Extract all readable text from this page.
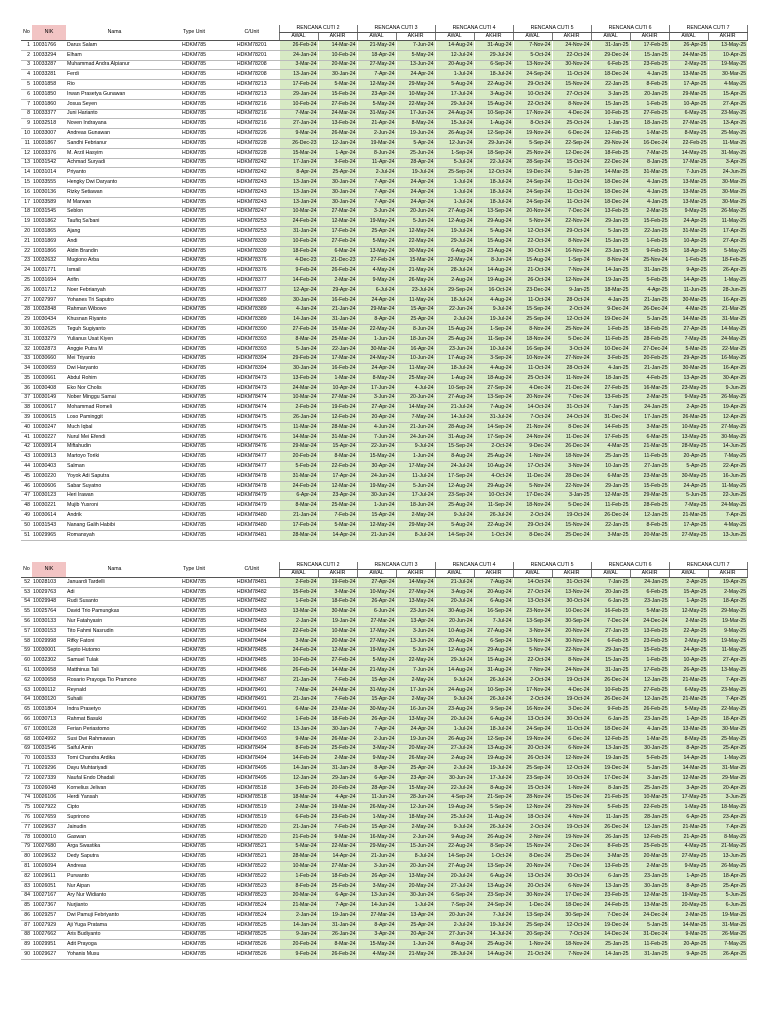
No	NIK	Nama	Type Unit	C/Unit	RENCANA CUTI 2		RENCANA CUTI 3		RENCANA CUTI 4		RENCANA CUTI 5		RENCANA CUTI 6		RENCANA CUTI 7	
					AWAL	AKHIR	AWAL	AKHIR	AWAL	AKHIR	AWAL	AKHIR	AWAL	AKHIR	AWAL	AKHIR
1	10031766	Darus Salam	HDKM785	HDKM78201	26-Feb-24	14-Mar-24	21-May-24	7-Jun-24	14-Aug-24	31-Aug-24	7-Nov-24	24-Nov-24	31-Jan-25	17-Feb-25	26-Apr-25	13-May-25
2	10033294	Elham	HDKM785	HDKM78201	24-Jan-24	10-Feb-24	18-Apr-24	5-May-24	12-Jul-24	29-Jul-24	5-Oct-24	22-Oct-24	29-Dec-24	15-Jan-25	24-Mar-25	10-Apr-25
3	10033287	Muhammad Andra Alpianur	HDKM785	HDKM78208	3-Mar-24	20-Mar-24	27-May-24	13-Jun-24	20-Aug-24	6-Sep-24	13-Nov-24	30-Nov-24	6-Feb-25	23-Feb-25	2-May-25	19-May-25
4	10033281	Ferdi	HDKM785	HDKM78208	13-Jan-24	30-Jan-24	7-Apr-24	24-Apr-24	1-Jul-24	18-Jul-24	24-Sep-24	11-Oct-24	18-Dec-24	4-Jan-25	13-Mar-25	30-Mar-25
5	10031858	Rio	HDKM785	HDKM78213	17-Feb-24	5-Mar-24	12-May-24	29-May-24	5-Aug-24	22-Aug-24	29-Oct-24	15-Nov-24	22-Jan-25	8-Feb-25	17-Apr-25	4-May-25
6	10031850	Irwan Prasetya Gunawan	HDKM785	HDKM78213	29-Jan-24	15-Feb-24	23-Apr-24	10-May-24	17-Jul-24	3-Aug-24	10-Oct-24	27-Oct-24	3-Jan-25	20-Jan-25	29-Mar-25	15-Apr-25
7	10031860	Josua Seyen	HDKM785	HDKM78216	10-Feb-24	27-Feb-24	5-May-24	22-May-24	29-Jul-24	15-Aug-24	22-Oct-24	8-Nov-24	15-Jan-25	1-Feb-25	10-Apr-25	27-Apr-25
8	10033377	Juni Harianto	HDKM785	HDKM78216	7-Mar-24	24-Mar-24	31-May-24	17-Jun-24	24-Aug-24	10-Sep-24	17-Nov-24	4-Dec-24	10-Feb-25	27-Feb-25	6-May-25	23-May-25
9	10032518	Noven Indrayana	HDKM785	HDKM78216	27-Jan-24	13-Feb-24	21-Apr-24	8-May-24	15-Jul-24	1-Aug-24	8-Oct-24	25-Oct-24	1-Jan-25	18-Jan-25	27-Mar-25	13-Apr-25
10	10033007	Andreas Gunawan	HDKM785	HDKM78226	9-Mar-24	26-Mar-24	2-Jun-24	19-Jun-24	26-Aug-24	12-Sep-24	19-Nov-24	6-Dec-24	12-Feb-25	1-Mar-25	8-May-25	25-May-25
11	10031867	Sandhi Febrianur	HDKM785	HDKM78228	26-Dec-23	12-Jan-24	19-Mar-24	5-Apr-24	12-Jun-24	29-Jun-24	5-Sep-24	22-Sep-24	29-Nov-24	16-Dec-24	22-Feb-25	11-Mar-25
12	10033376	M. Arzil Hasyim	HDKM785	HDKM78228	15-Mar-24	1-Apr-24	8-Jun-24	25-Jun-24	1-Sep-24	18-Sep-24	25-Nov-24	12-Dec-24	18-Feb-25	7-Mar-25	14-May-25	31-May-25
13	10031542	Achmad Suryadi	HDKM785	HDKM78242	17-Jan-24	3-Feb-24	11-Apr-24	28-Apr-24	5-Jul-24	22-Jul-24	28-Sep-24	15-Oct-24	22-Dec-24	8-Jan-25	17-Mar-25	3-Apr-25
14	10031014	Priyanto	HDKM785	HDKM78242	8-Apr-24	25-Apr-24	2-Jul-24	19-Jul-24	25-Sep-24	12-Oct-24	19-Dec-24	5-Jan-25	14-Mar-25	31-Mar-25	7-Jun-25	24-Jun-25
15	10033555	Hengky Dwi Daryanto	HDKM785	HDKM78243	13-Jan-24	30-Jan-24	7-Apr-24	24-Apr-24	1-Jul-24	18-Jul-24	24-Sep-24	11-Oct-24	18-Dec-24	4-Jan-25	13-Mar-25	30-Mar-25
16	10030136	Rizky Setiawan	HDKM785	HDKM78243	13-Jan-24	30-Jan-24	7-Apr-24	24-Apr-24	1-Jul-24	18-Jul-24	24-Sep-24	11-Oct-24	18-Dec-24	4-Jan-25	13-Mar-25	30-Mar-25
17	10033589	M Marwan	HDKM785	HDKM78243	13-Jan-24	30-Jan-24	7-Apr-24	24-Apr-24	1-Jul-24	18-Jul-24	24-Sep-24	11-Oct-24	18-Dec-24	4-Jan-25	13-Mar-25	30-Mar-25
18	10031545	Seblon	HDKM785	HDKM78247	10-Mar-24	27-Mar-24	3-Jun-24	20-Jun-24	27-Aug-24	13-Sep-24	20-Nov-24	7-Dec-24	13-Feb-25	2-Mar-25	9-May-25	26-May-25
19	10031862	Taufiq Sa'bani	HDKM785	HDKM78253	24-Feb-24	12-Mar-24	19-May-24	5-Jun-24	12-Aug-24	29-Aug-24	5-Nov-24	22-Nov-24	29-Jan-25	15-Feb-25	24-Apr-25	11-May-25
20	10031865	Ajang	HDKM785	HDKM78253	31-Jan-24	17-Feb-24	25-Apr-24	12-May-24	19-Jul-24	5-Aug-24	12-Oct-24	29-Oct-24	5-Jan-25	22-Jan-25	31-Mar-25	17-Apr-25
21	10031869	Andi	HDKM785	HDKM78339	10-Feb-24	27-Feb-24	5-May-24	22-May-24	29-Jul-24	15-Aug-24	22-Oct-24	8-Nov-24	15-Jan-25	1-Feb-25	10-Apr-25	27-Apr-25
22	10031866	Aldin Brandin	HDKM785	HDKM78339	18-Feb-24	6-Mar-24	13-May-24	30-May-24	6-Aug-24	23-Aug-24	30-Oct-24	16-Nov-24	23-Jan-25	9-Feb-25	18-Apr-25	5-May-25
23	10032632	Mugiono Arba	HDKM785	HDKM78376	4-Dec-23	21-Dec-23	27-Feb-24	15-Mar-24	22-May-24	8-Jun-24	15-Aug-24	1-Sep-24	8-Nov-24	25-Nov-24	1-Feb-25	18-Feb-25
24	10031771	Ismail	HDKM785	HDKM78376	9-Feb-24	26-Feb-24	4-May-24	21-May-24	28-Jul-24	14-Aug-24	21-Oct-24	7-Nov-24	14-Jan-25	31-Jan-25	9-Apr-25	26-Apr-25
25	10031694	Arifin	HDKM785	HDKM78377	14-Feb-24	2-Mar-24	9-May-24	26-May-24	2-Aug-24	19-Aug-24	26-Oct-24	12-Nov-24	19-Jan-25	5-Feb-25	14-Apr-25	1-May-25
26	10031712	Noer Febrianyah	HDKM785	HDKM78377	12-Apr-24	29-Apr-24	6-Jul-24	23-Jul-24	29-Sep-24	16-Oct-24	23-Dec-24	9-Jan-25	18-Mar-25	4-Apr-25	11-Jun-25	28-Jun-25
27	10027997	Yohanes Tri Saputro	HDKM785	HDKM78389	30-Jan-24	16-Feb-24	24-Apr-24	11-May-24	18-Jul-24	4-Aug-24	11-Oct-24	28-Oct-24	4-Jan-25	21-Jan-25	30-Mar-25	16-Apr-25
28	10032848	Rahman Wibowo	HDKM785	HDKM78389	4-Jan-24	21-Jan-24	29-Mar-24	15-Apr-24	22-Jun-24	9-Jul-24	15-Sep-24	2-Oct-24	9-Dec-24	26-Dec-24	4-Mar-25	21-Mar-25
29	10030434	Khusnan Riyanto	HDKM785	HDKM78389	14-Jan-24	31-Jan-24	8-Apr-24	25-Apr-24	2-Jul-24	19-Jul-24	25-Sep-24	12-Oct-24	19-Dec-24	5-Jan-25	14-Mar-25	31-Mar-25
30	10032625	Teguh Sugiyanto	HDKM785	HDKM78390	27-Feb-24	15-Mar-24	22-May-24	8-Jun-24	15-Aug-24	1-Sep-24	8-Nov-24	25-Nov-24	1-Feb-25	18-Feb-25	27-Apr-25	14-May-25
31	10033279	Yulianus Usat Kiyen	HDKM785	HDKM78393	8-Mar-24	25-Mar-24	1-Jun-24	18-Jun-24	25-Aug-24	11-Sep-24	18-Nov-24	5-Dec-24	11-Feb-25	28-Feb-25	7-May-25	24-May-25
32	10032873	Anggie Putra M	HDKM785	HDKM78393	5-Jan-24	22-Jan-24	30-Mar-24	16-Apr-24	23-Jun-24	10-Jul-24	16-Sep-24	3-Oct-24	10-Dec-24	27-Dec-24	5-Mar-25	22-Mar-25
33	10030660	Mei Triyanto	HDKM785	HDKM78394	29-Feb-24	17-Mar-24	24-May-24	10-Jun-24	17-Aug-24	3-Sep-24	10-Nov-24	27-Nov-24	3-Feb-25	20-Feb-25	29-Apr-25	16-May-25
34	10030659	Dwi Haryanto	HDKM785	HDKM78394	30-Jan-24	16-Feb-24	24-Apr-24	11-May-24	18-Jul-24	4-Aug-24	11-Oct-24	28-Oct-24	4-Jan-25	21-Jan-25	30-Mar-25	16-Apr-25
35	10030661	Abdul Rohim	HDKM785	HDKM78473	13-Feb-24	1-Mar-24	8-May-24	25-May-24	1-Aug-24	18-Aug-24	25-Oct-24	11-Nov-24	18-Jan-25	4-Feb-25	13-Apr-25	30-Apr-25
36	10030408	Eko Nor Cholis	HDKM785	HDKM78473	24-Mar-24	10-Apr-24	17-Jun-24	4-Jul-24	10-Sep-24	27-Sep-24	4-Dec-24	21-Dec-24	27-Feb-25	16-Mar-25	23-May-25	9-Jun-25
37	10030149	Nober Minggu Samai	HDKM785	HDKM78474	10-Mar-24	27-Mar-24	3-Jun-24	20-Jun-24	27-Aug-24	13-Sep-24	20-Nov-24	7-Dec-24	13-Feb-25	2-Mar-25	9-May-25	26-May-25
38	10030617	Mohammad Romeli	HDKM785	HDKM78474	2-Feb-24	19-Feb-24	27-Apr-24	14-May-24	21-Jul-24	7-Aug-24	14-Oct-24	31-Oct-24	7-Jan-25	24-Jan-25	2-Apr-25	19-Apr-25
39	10030615	Loso Paminggit	HDKM785	HDKM78475	26-Jan-24	12-Feb-24	20-Apr-24	7-May-24	14-Jul-24	31-Jul-24	7-Oct-24	24-Oct-24	31-Dec-24	17-Jan-25	26-Mar-25	12-Apr-25
40	10030247	Much Iqbal	HDKM785	HDKM78475	11-Mar-24	28-Mar-24	4-Jun-24	21-Jun-24	28-Aug-24	14-Sep-24	21-Nov-24	8-Dec-24	14-Feb-25	3-Mar-25	10-May-25	27-May-25
41	10030227	Nurul Mei Efendi	HDKM785	HDKM78476	14-Mar-24	31-Mar-24	7-Jun-24	24-Jun-24	31-Aug-24	17-Sep-24	24-Nov-24	11-Dec-24	17-Feb-25	6-Mar-25	13-May-25	30-May-25
42	10030914	Miftahudin	HDKM785	HDKM78476	29-Mar-24	15-Apr-24	22-Jun-24	9-Jul-24	15-Sep-24	2-Oct-24	9-Dec-24	26-Dec-24	4-Mar-25	21-Mar-25	28-May-25	14-Jun-25
43	10030913	Martoyo Toriki	HDKM785	HDKM78477	20-Feb-24	8-Mar-24	15-May-24	1-Jun-24	8-Aug-24	25-Aug-24	1-Nov-24	18-Nov-24	25-Jan-25	11-Feb-25	20-Apr-25	7-May-25
44	10030403	Salman	HDKM785	HDKM78477	5-Feb-24	22-Feb-24	30-Apr-24	17-May-24	24-Jul-24	10-Aug-24	17-Oct-24	3-Nov-24	10-Jan-25	27-Jan-25	5-Apr-25	22-Apr-25
45	10030220	Yoyok Adi Saputra	HDKM785	HDKM78478	31-Mar-24	17-Apr-24	24-Jun-24	11-Jul-24	17-Sep-24	4-Oct-24	11-Dec-24	28-Dec-24	6-Mar-25	23-Mar-25	30-May-25	16-Jun-25
46	10030606	Sabar Suyatno	HDKM785	HDKM78478	24-Feb-24	12-Mar-24	19-May-24	5-Jun-24	12-Aug-24	29-Aug-24	5-Nov-24	22-Nov-24	29-Jan-25	15-Feb-25	24-Apr-25	11-May-25
47	10030123	Heri Irawan	HDKM785	HDKM78479	6-Apr-24	23-Apr-24	30-Jun-24	17-Jul-24	23-Sep-24	10-Oct-24	17-Dec-24	3-Jan-25	12-Mar-25	29-Mar-25	5-Jun-25	22-Jun-25
48	10030221	Mujib Yusroni	HDKM785	HDKM78479	8-Mar-24	25-Mar-24	1-Jun-24	18-Jun-24	25-Aug-24	11-Sep-24	18-Nov-24	5-Dec-24	11-Feb-25	28-Feb-25	7-May-25	24-May-25
49	10030614	Andrik	HDKM785	HDKM78480	21-Jan-24	7-Feb-24	15-Apr-24	2-May-24	9-Jul-24	26-Jul-24	2-Oct-24	19-Oct-24	26-Dec-24	12-Jan-25	21-Mar-25	7-Apr-25
50	10031543	Nanang Galih Habibi	HDKM785	HDKM78480	17-Feb-24	5-Mar-24	12-May-24	29-May-24	5-Aug-24	22-Aug-24	29-Oct-24	15-Nov-24	22-Jan-25	8-Feb-25	17-Apr-25	4-May-25
51	10029965	Romansyah	HDKM785	HDKM78481	28-Mar-24	14-Apr-24	21-Jun-24	8-Jul-24	14-Sep-24	1-Oct-24	8-Dec-24	25-Dec-24	3-Mar-25	20-Mar-25	27-May-25	13-Jun-25
No	NIK	Nama	Type Unit	C/Unit	RENCANA CUTI 2		RENCANA CUTI 3		RENCANA CUTI 4		RENCANA CUTI 5		RENCANA CUTI 6		RENCANA CUTI 7	
					AWAL	AKHIR	AWAL	AKHIR	AWAL	AKHIR	AWAL	AKHIR	AWAL	AKHIR	AWAL	AKHIR
52	10028103	Januardi Tardelli	HDKM785	HDKM78481	2-Feb-24	19-Feb-24	27-Apr-24	14-May-24	21-Jul-24	7-Aug-24	14-Oct-24	31-Oct-24	7-Jan-25	24-Jan-25	2-Apr-25	19-Apr-25
53	10029763	Adi	HDKM785	HDKM78482	15-Feb-24	3-Mar-24	10-May-24	27-May-24	3-Aug-24	20-Aug-24	27-Oct-24	13-Nov-24	20-Jan-25	6-Feb-25	15-Apr-25	2-May-25
54	10029948	Rudi Susanto	HDKM785	HDKM78482	1-Feb-24	18-Feb-24	26-Apr-24	13-May-24	20-Jul-24	6-Aug-24	13-Oct-24	30-Oct-24	6-Jan-25	23-Jan-25	1-Apr-25	18-Apr-25
55	10025764	David Trio Pamungkas	HDKM785	HDKM78483	13-Mar-24	30-Mar-24	6-Jun-24	23-Jun-24	30-Aug-24	16-Sep-24	23-Nov-24	10-Dec-24	16-Feb-25	5-Mar-25	12-May-25	29-May-25
56	10030133	Nur Fatahyasin	HDKM785	HDKM78483	2-Jan-24	19-Jan-24	27-Mar-24	13-Apr-24	20-Jun-24	7-Jul-24	13-Sep-24	30-Sep-24	7-Dec-24	24-Dec-24	2-Mar-25	19-Mar-25
57	10030153	Tito Fahmi Nasrudin	HDKM785	HDKM78484	22-Feb-24	10-Mar-24	17-May-24	3-Jun-24	10-Aug-24	27-Aug-24	3-Nov-24	20-Nov-24	27-Jan-25	13-Feb-25	22-Apr-25	9-May-25
58	10029998	Rifky Fatoni	HDKM785	HDKM78484	3-Mar-24	20-Mar-24	27-May-24	13-Jun-24	20-Aug-24	6-Sep-24	13-Nov-24	30-Nov-24	6-Feb-25	23-Feb-25	2-May-25	19-May-25
59	10030001	Septo Hutomo	HDKM785	HDKM78485	24-Feb-24	12-Mar-24	19-May-24	5-Jun-24	12-Aug-24	29-Aug-24	5-Nov-24	22-Nov-24	29-Jan-25	15-Feb-25	24-Apr-25	11-May-25
60	10032302	Samuel Tulak	HDKM785	HDKM78485	10-Feb-24	27-Feb-24	5-May-24	22-May-24	29-Jul-24	15-Aug-24	22-Oct-24	8-Nov-24	15-Jan-25	1-Feb-25	10-Apr-25	27-Apr-25
61	10030658	Matthinus Tali	HDKM785	HDKM78486	26-Feb-24	14-Mar-24	21-May-24	7-Jun-24	14-Aug-24	31-Aug-24	7-Nov-24	24-Nov-24	31-Jan-25	17-Feb-25	26-Apr-25	13-May-25
62	10030658	Rosario Prayoga Tio Pramono	HDKM785	HDKM78487	21-Jan-24	7-Feb-24	15-Apr-24	2-May-24	9-Jul-24	26-Jul-24	2-Oct-24	19-Oct-24	26-Dec-24	12-Jan-25	21-Mar-25	7-Apr-25
63	10030112	Reynald	HDKM785	HDKM78491	7-Mar-24	24-Mar-24	31-May-24	17-Jun-24	24-Aug-24	10-Sep-24	17-Nov-24	4-Dec-24	10-Feb-25	27-Feb-25	6-May-25	23-May-25
64	10030120	Suhaili	HDKM785	HDKM78491	21-Jan-24	7-Feb-24	15-Apr-24	2-May-24	9-Jul-24	26-Jul-24	2-Oct-24	19-Oct-24	26-Dec-24	12-Jan-25	21-Mar-25	7-Apr-25
65	10031804	Indra Prasetyo	HDKM785	HDKM78491	6-Mar-24	23-Mar-24	30-May-24	16-Jun-24	23-Aug-24	9-Sep-24	16-Nov-24	3-Dec-24	9-Feb-25	26-Feb-25	5-May-25	22-May-25
66	10030713	Rahmat Basuki	HDKM785	HDKM78492	1-Feb-24	18-Feb-24	26-Apr-24	13-May-24	20-Jul-24	6-Aug-24	13-Oct-24	30-Oct-24	6-Jan-25	23-Jan-25	1-Apr-25	18-Apr-25
67	10030128	Ferian Periastomo	HDKM785	HDKM78492	13-Jan-24	30-Jan-24	7-Apr-24	24-Apr-24	1-Jul-24	18-Jul-24	24-Sep-24	11-Oct-24	18-Dec-24	4-Jan-25	13-Mar-25	30-Mar-25
68	10024992	Susi Dwi Rahmawan	HDKM785	HDKM78493	9-Mar-24	26-Mar-24	2-Jun-24	19-Jun-24	26-Aug-24	12-Sep-24	19-Nov-24	6-Dec-24	12-Feb-25	1-Mar-25	8-May-25	25-May-25
69	10031546	Saiful Amin	HDKM785	HDKM78494	8-Feb-24	25-Feb-24	3-May-24	20-May-24	27-Jul-24	13-Aug-24	20-Oct-24	6-Nov-24	13-Jan-25	30-Jan-25	8-Apr-25	25-Apr-25
70	10031533	Tomi Chandra Ardika	HDKM785	HDKM78494	14-Feb-24	2-Mar-24	9-May-24	26-May-24	2-Aug-24	19-Aug-24	26-Oct-24	12-Nov-24	19-Jan-25	5-Feb-25	14-Apr-25	1-May-25
71	10029296	Dayu Muhtariyadi	HDKM785	HDKM78495	14-Jan-24	31-Jan-24	8-Apr-24	25-Apr-24	2-Jul-24	19-Jul-24	25-Sep-24	12-Oct-24	19-Dec-24	5-Jan-25	14-Mar-25	31-Mar-25
72	10027339	Naufal Endo Dhadali	HDKM785	HDKM78495	12-Jan-24	29-Jan-24	6-Apr-24	23-Apr-24	30-Jun-24	17-Jul-24	23-Sep-24	10-Oct-24	17-Dec-24	3-Jan-25	12-Mar-25	29-Mar-25
73	10026048	Kornelius Jelivan	HDKM785	HDKM78518	3-Feb-24	20-Feb-24	28-Apr-24	15-May-24	22-Jul-24	8-Aug-24	15-Oct-24	1-Nov-24	8-Jan-25	25-Jan-25	3-Apr-25	20-Apr-25
74	10026106	Herdi Yansah	HDKM785	HDKM78518	18-Mar-24	4-Apr-24	11-Jun-24	28-Jun-24	4-Sep-24	21-Sep-24	28-Nov-24	15-Dec-24	21-Feb-25	10-Mar-25	17-May-25	3-Jun-25
75	10027922	Cipto	HDKM785	HDKM78519	2-Mar-24	19-Mar-24	26-May-24	12-Jun-24	19-Aug-24	5-Sep-24	12-Nov-24	29-Nov-24	5-Feb-25	22-Feb-25	1-May-25	18-May-25
76	10027659	Suprirono	HDKM785	HDKM78519	6-Feb-24	23-Feb-24	1-May-24	18-May-24	25-Jul-24	11-Aug-24	18-Oct-24	4-Nov-24	11-Jan-25	28-Jan-25	6-Apr-25	23-Apr-25
77	10029637	Jainudin	HDKM785	HDKM78520	21-Jan-24	7-Feb-24	15-Apr-24	2-May-24	9-Jul-24	26-Jul-24	2-Oct-24	19-Oct-24	26-Dec-24	12-Jan-25	21-Mar-25	7-Apr-25
78	10030010	Gaswan	HDKM785	HDKM78520	21-Feb-24	9-Mar-24	16-May-24	2-Jun-24	9-Aug-24	26-Aug-24	2-Nov-24	19-Nov-24	26-Jan-25	12-Feb-25	21-Apr-25	8-May-25
79	10027680	Arga Swastika	HDKM785	HDKM78521	5-Mar-24	22-Mar-24	29-May-24	15-Jun-24	22-Aug-24	8-Sep-24	15-Nov-24	2-Dec-24	8-Feb-25	25-Feb-25	4-May-25	21-May-25
80	10029632	Dedy Saputra	HDKM785	HDKM78521	28-Mar-24	14-Apr-24	21-Jun-24	8-Jul-24	14-Sep-24	1-Oct-24	8-Dec-24	25-Dec-24	3-Mar-25	20-Mar-25	27-May-25	13-Jun-25
81	10026094	Andreas	HDKM785	HDKM78522	10-Mar-24	27-Mar-24	3-Jun-24	20-Jun-24	27-Aug-24	13-Sep-24	20-Nov-24	7-Dec-24	13-Feb-25	2-Mar-25	9-May-25	26-May-25
82	10029611	Purwanto	HDKM785	HDKM78522	1-Feb-24	18-Feb-24	26-Apr-24	13-May-24	20-Jul-24	6-Aug-24	13-Oct-24	30-Oct-24	6-Jan-25	23-Jan-25	1-Apr-25	18-Apr-25
83	10026051	Nur Aipan	HDKM785	HDKM78523	8-Feb-24	25-Feb-24	3-May-24	20-May-24	27-Jul-24	13-Aug-24	20-Oct-24	6-Nov-24	13-Jan-25	30-Jan-25	8-Apr-25	25-Apr-25
84	10027167	Ary Nur Widianto	HDKM785	HDKM78523	20-Mar-24	6-Apr-24	13-Jun-24	30-Jun-24	6-Sep-24	23-Sep-24	30-Nov-24	17-Dec-24	23-Feb-25	12-Mar-25	19-May-25	5-Jun-25
85	10027367	Nurjianto	HDKM785	HDKM78524	21-Mar-24	7-Apr-24	14-Jun-24	1-Jul-24	7-Sep-24	24-Sep-24	1-Dec-24	18-Dec-24	24-Feb-25	13-Mar-25	20-May-25	6-Jun-25
86	10029257	Dwi Pamuji Febriyanto	HDKM785	HDKM78524	2-Jan-24	19-Jan-24	27-Mar-24	13-Apr-24	20-Jun-24	7-Jul-24	13-Sep-24	30-Sep-24	7-Dec-24	24-Dec-24	2-Mar-25	19-Mar-25
87	10027929	Aji Yuga Pratama	HDKM785	HDKM78525	14-Jan-24	31-Jan-24	8-Apr-24	25-Apr-24	2-Jul-24	19-Jul-24	25-Sep-24	12-Oct-24	19-Dec-24	5-Jan-25	14-Mar-25	31-Mar-25
88	10027662	Aris Budiyanto	HDKM785	HDKM78525	9-Jan-24	26-Jan-24	3-Apr-24	20-Apr-24	27-Jun-24	14-Jul-24	20-Sep-24	7-Oct-24	14-Dec-24	31-Dec-24	9-Mar-25	26-Mar-25
89	10029951	Adit Prayoga	HDKM785	HDKM78526	20-Feb-24	8-Mar-24	15-May-24	1-Jun-24	8-Aug-24	25-Aug-24	1-Nov-24	18-Nov-24	25-Jan-25	11-Feb-25	20-Apr-25	7-May-25
90	10029627	Yohanis Musu	HDKM785	HDKM78526	9-Feb-24	26-Feb-24	4-May-24	21-May-24	28-Jul-24	14-Aug-24	21-Oct-24	7-Nov-24	14-Jan-25	31-Jan-25	9-Apr-25	26-Apr-25
